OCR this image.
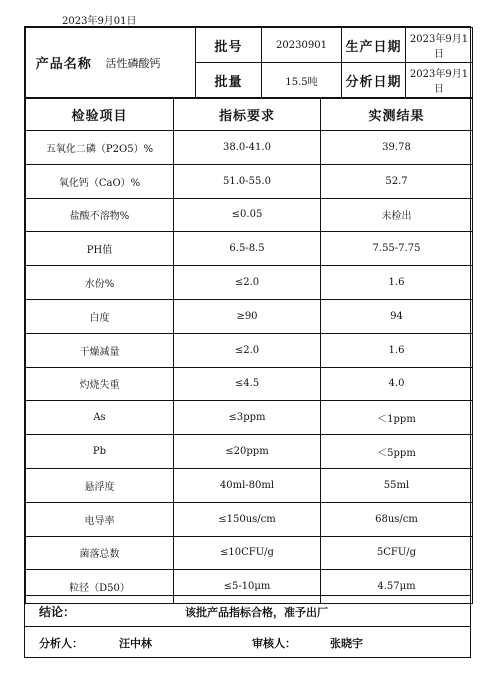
2023年9月01日
产品名称	活性磷酸钙	批号	20230901	生产日期	2023年9月1日
		批量	15.5吨	分析日期	2023年9月1日
检验项目	指标要求	实测结果
五氧化二磷（P2O5）%	38.0-41.0	39.78
氧化钙（CaO）%	51.0-55.0	52.7
盐酸不溶物%	≤0.05	未检出
PH值	6.5-8.5	7.55-7.75
水份%	≤2.0	1.6
白度	≥90	94
干燥减量	≤2.0	1.6
灼烧失重	≤4.5	4.0
As	≤3ppm	＜1ppm
Pb	≤20ppm	＜5ppm
悬浮度	40ml-80ml	55ml
电导率	≤150us/cm	68us/cm
菌落总数	≤10CFU/g	5CFU/g
粒径（D50）	≤5-10μm	4.57μm
结论：	该批产品指标合格，准予出厂
分析人：	汪中林	审核人：	张晓宇
